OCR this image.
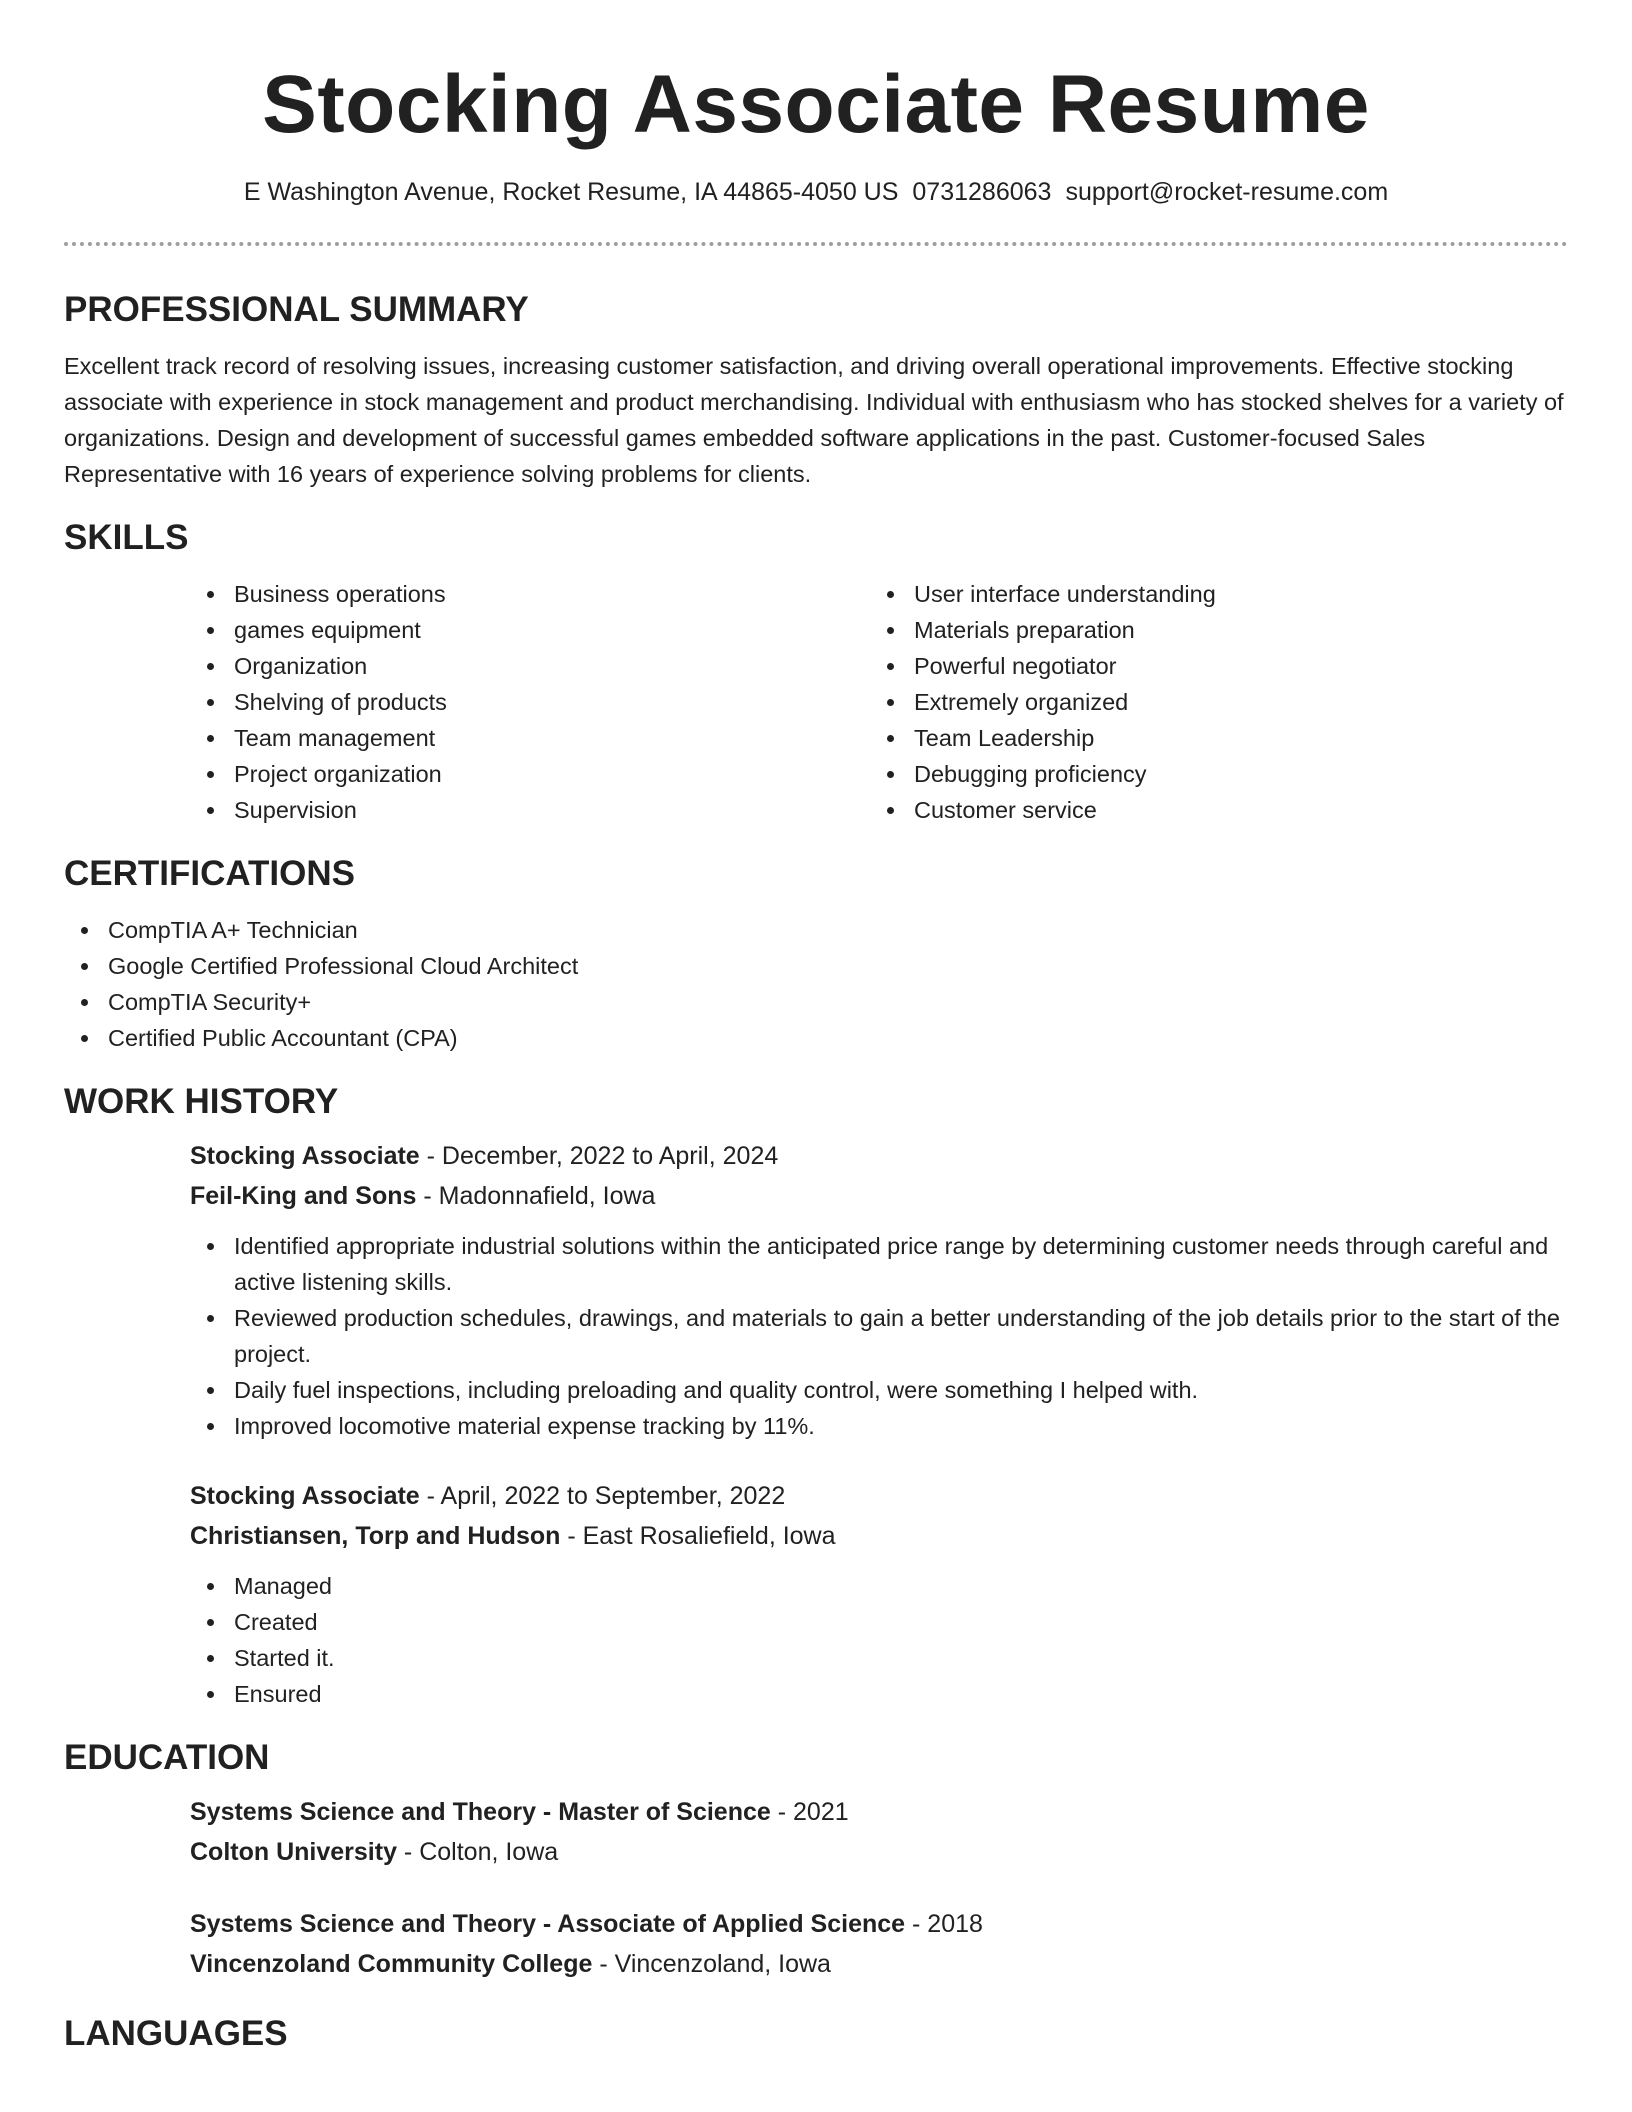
Stocking Associate Resume
E Washington Avenue, Rocket Resume, IA 44865-4050 US 0731286063 support@rocket-resume.com
PROFESSIONAL SUMMARY

Excellent track record of resolving issues, increasing customer satisfaction, and driving overall operational improvements. Effective stocking associate with experience in stock management and product merchandising. Individual with enthusiasm who has stocked shelves for a variety of organizations. Design and development of successful games embedded software applications in the past. Customer-focused Sales Representative with 16 years of experience solving problems for clients.

SKILLS
Business operations
games equipment
Organization
Shelving of products
Team management
Project organization
Supervision
User interface understanding
Materials preparation
Powerful negotiator
Extremely organized
Team Leadership
Debugging proficiency
Customer service
CERTIFICATIONS
CompTIA A+ Technician
Google Certified Professional Cloud Architect
CompTIA Security+
Certified Public Accountant (CPA)
WORK HISTORY

Stocking Associate - December, 2022 to April, 2024

Feil-King and Sons - Madonnafield, Iowa

Identified appropriate industrial solutions within the anticipated price range by determining customer needs through careful and active listening skills.
Reviewed production schedules, drawings, and materials to gain a better understanding of the job details prior to the start of the project.
Daily fuel inspections, including preloading and quality control, were something I helped with.
Improved locomotive material expense tracking by 11%.

Stocking Associate - April, 2022 to September, 2022

Christiansen, Torp and Hudson - East Rosaliefield, Iowa

Managed
Created
Started it.
Ensured
EDUCATION

Systems Science and Theory - Master of Science - 2021

Colton University - Colton, Iowa

Systems Science and Theory - Associate of Applied Science - 2018

Vincenzoland Community College - Vincenzoland, Iowa

LANGUAGES
